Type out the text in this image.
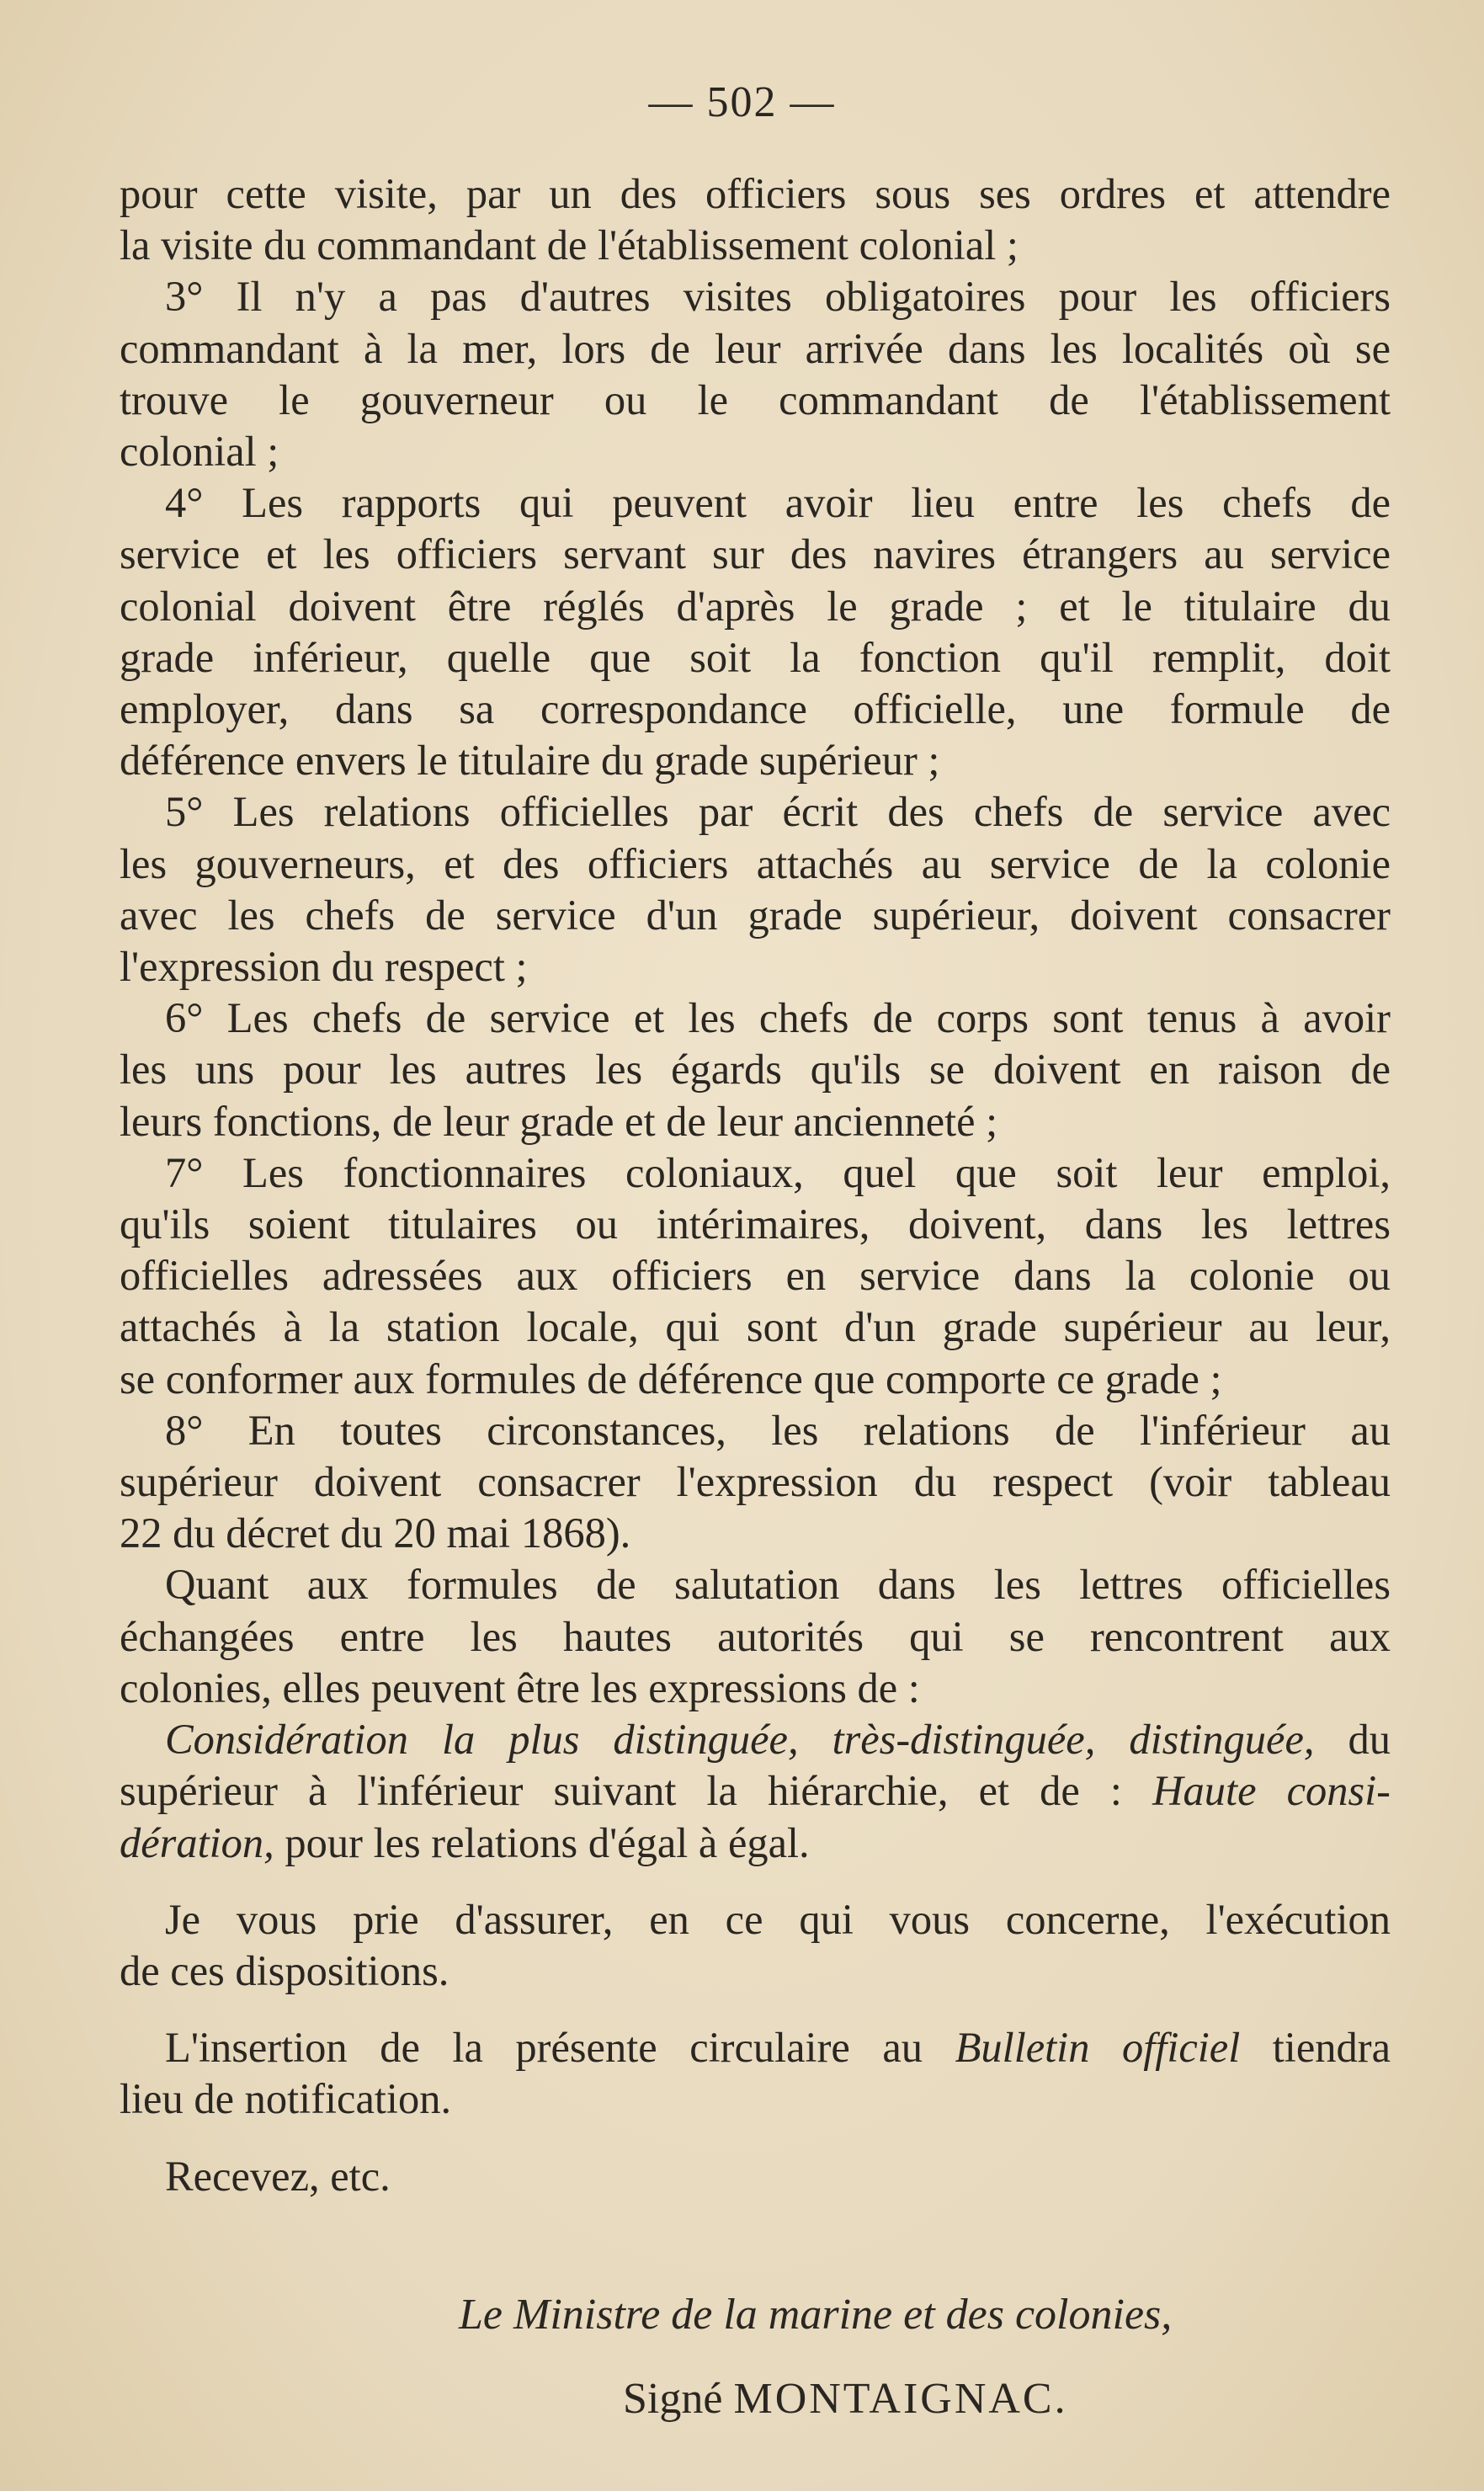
— 502 —

pour cette visite, par un des officiers sous ses ordres et attendre
la visite du commandant de l'établissement colonial ;

3° Il n'y a pas d'autres visites obligatoires pour les officiers
commandant à la mer, lors de leur arrivée dans les localités où se
trouve le gouverneur ou le commandant de l'établissement
colonial ;

4° Les rapports qui peuvent avoir lieu entre les chefs de
service et les officiers servant sur des navires étrangers au service
colonial doivent être réglés d'après le grade ; et le titulaire du
grade inférieur, quelle que soit la fonction qu'il remplit, doit
employer, dans sa correspondance officielle, une formule de
déférence envers le titulaire du grade supérieur ;

5° Les relations officielles par écrit des chefs de service avec
les gouverneurs, et des officiers attachés au service de la colonie
avec les chefs de service d'un grade supérieur, doivent consacrer
l'expression du respect ;

6° Les chefs de service et les chefs de corps sont tenus à avoir
les uns pour les autres les égards qu'ils se doivent en raison de
leurs fonctions, de leur grade et de leur ancienneté ;

7° Les fonctionnaires coloniaux, quel que soit leur emploi,
qu'ils soient titulaires ou intérimaires, doivent, dans les lettres
officielles adressées aux officiers en service dans la colonie ou
attachés à la station locale, qui sont d'un grade supérieur au leur,
se conformer aux formules de déférence que comporte ce grade ;

8° En toutes circonstances, les relations de l'inférieur au
supérieur doivent consacrer l'expression du respect (voir tableau
22 du décret du 20 mai 1868).

Quant aux formules de salutation dans les lettres officielles
échangées entre les hautes autorités qui se rencontrent aux
colonies, elles peuvent être les expressions de :
Considération la plus distinguée, très-distinguée, distinguée, du
supérieur à l'inférieur suivant la hiérarchie, et de : Haute consi-
dération, pour les relations d'égal à égal.

Je vous prie d'assurer, en ce qui vous concerne, l'exécution
de ces dispositions.

L'insertion de la présente circulaire au Bulletin officiel tiendra
lieu de notification.

Recevez, etc.

Le Ministre de la marine et des colonies,
Signé MONTAIGNAC.
